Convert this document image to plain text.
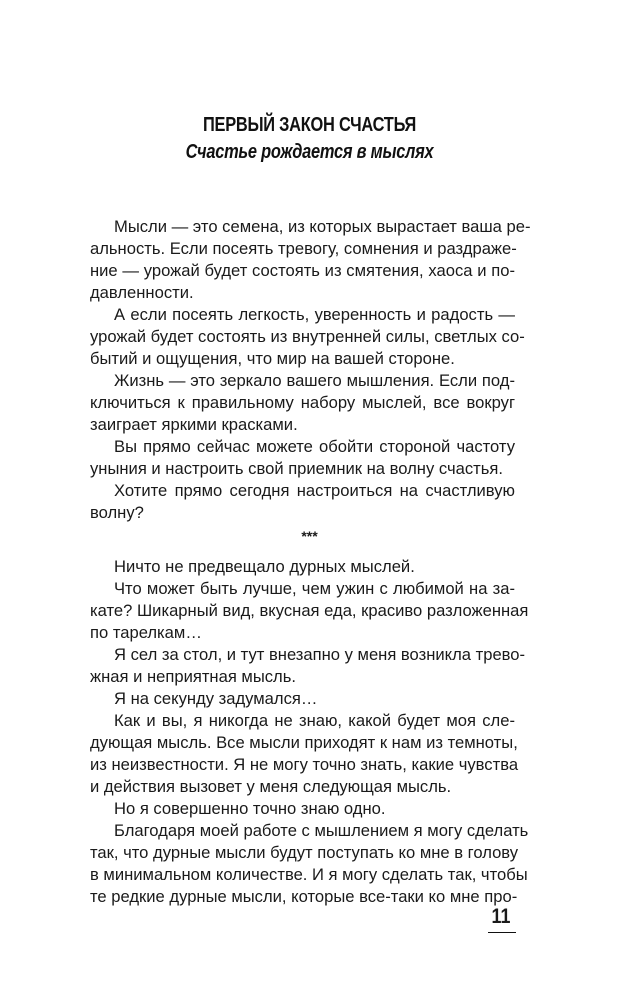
ПЕРВЫЙ ЗАКОН СЧАСТЬЯ
Счастье рождается в мыслях
Мысли — это семена, из которых вырастает ваша ре-
альность. Если посеять тревогу, сомнения и раздраже-
ние — урожай будет состоять из смятения, хаоса и по-
давленности.
А если посеять легкость, уверенность и радость —
урожай будет состоять из внутренней силы, светлых со-
бытий и ощущения, что мир на вашей стороне.
Жизнь — это зеркало вашего мышления. Если под-
ключиться к правильному набору мыслей, все вокруг
заиграет яркими красками.
Вы прямо сейчас можете обойти стороной частоту
уныния и настроить свой приемник на волну счастья.
Хотите прямо сегодня настроиться на счастливую
волну?
***
Ничто не предвещало дурных мыслей.
Что может быть лучше, чем ужин с любимой на за-
кате? Шикарный вид, вкусная еда, красиво разложенная
по тарелкам…
Я сел за стол, и тут внезапно у меня возникла трево-
жная и неприятная мысль.
Я на секунду задумался…
Как и вы, я никогда не знаю, какой будет моя сле-
дующая мысль. Все мысли приходят к нам из темноты,
из неизвестности. Я не могу точно знать, какие чувства
и действия вызовет у меня следующая мысль.
Но я совершенно точно знаю одно.
Благодаря моей работе с мышлением я могу сделать
так, что дурные мысли будут поступать ко мне в голову
в минимальном количестве. И я могу сделать так, чтобы
те редкие дурные мысли, которые все-таки ко мне про-
11
